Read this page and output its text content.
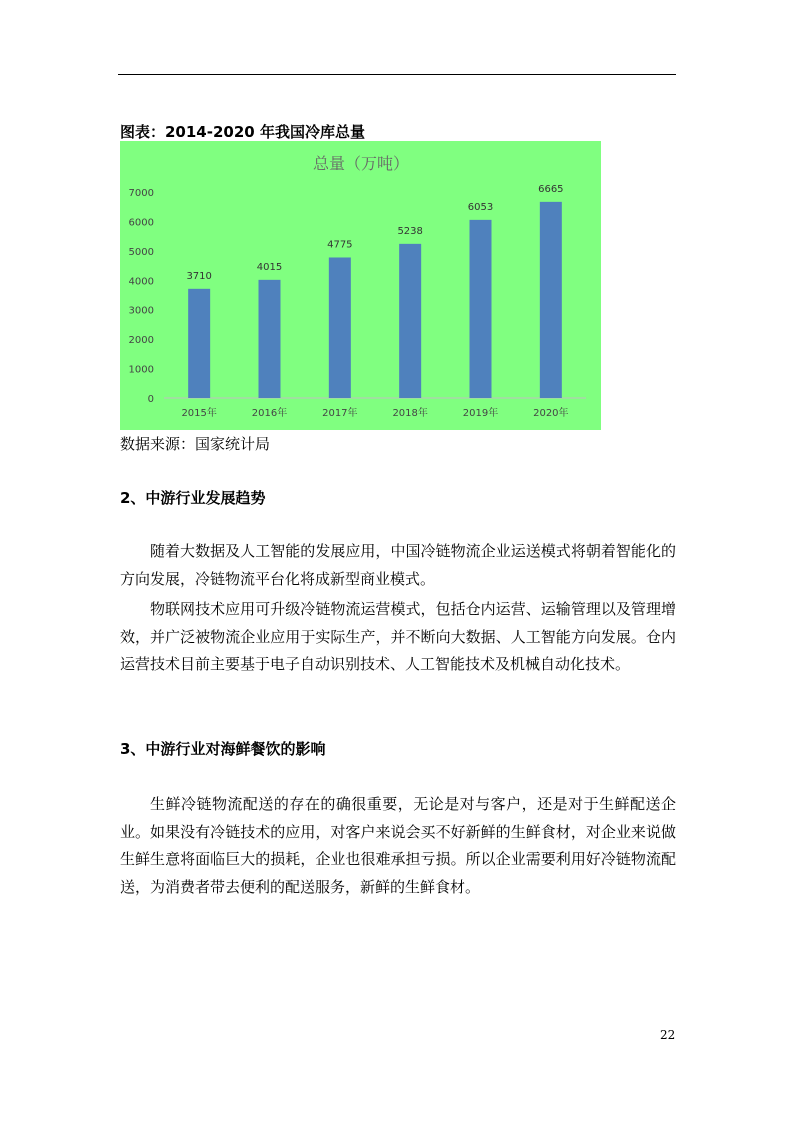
图表：2014-2020 年我国冷库总量
总量（万吨）
0
1000
2000
3000
4000
5000
6000
7000
3710
2015年
4015
2016年
4775
2017年
5238
2018年
6053
2019年
6665
2020年
数据来源：国家统计局
2、中游行业发展趋势

随着大数据及人工智能的发展应用，中国冷链物流企业运送模式将朝着智能化的方向发展，冷链物流平台化将成新型商业模式。

物联网技术应用可升级冷链物流运营模式，包括仓内运营、运输管理以及管理增效，并广泛被物流企业应用于实际生产，并不断向大数据、人工智能方向发展。仓内运营技术目前主要基于电子自动识别技术、人工智能技术及机械自动化技术。

3、中游行业对海鲜餐饮的影响

生鲜冷链物流配送的存在的确很重要，无论是对与客户，还是对于生鲜配送企业。如果没有冷链技术的应用，对客户来说会买不好新鲜的生鲜食材，对企业来说做生鲜生意将面临巨大的损耗，企业也很难承担亏损。所以企业需要利用好冷链物流配送，为消费者带去便利的配送服务，新鲜的生鲜食材。

22
